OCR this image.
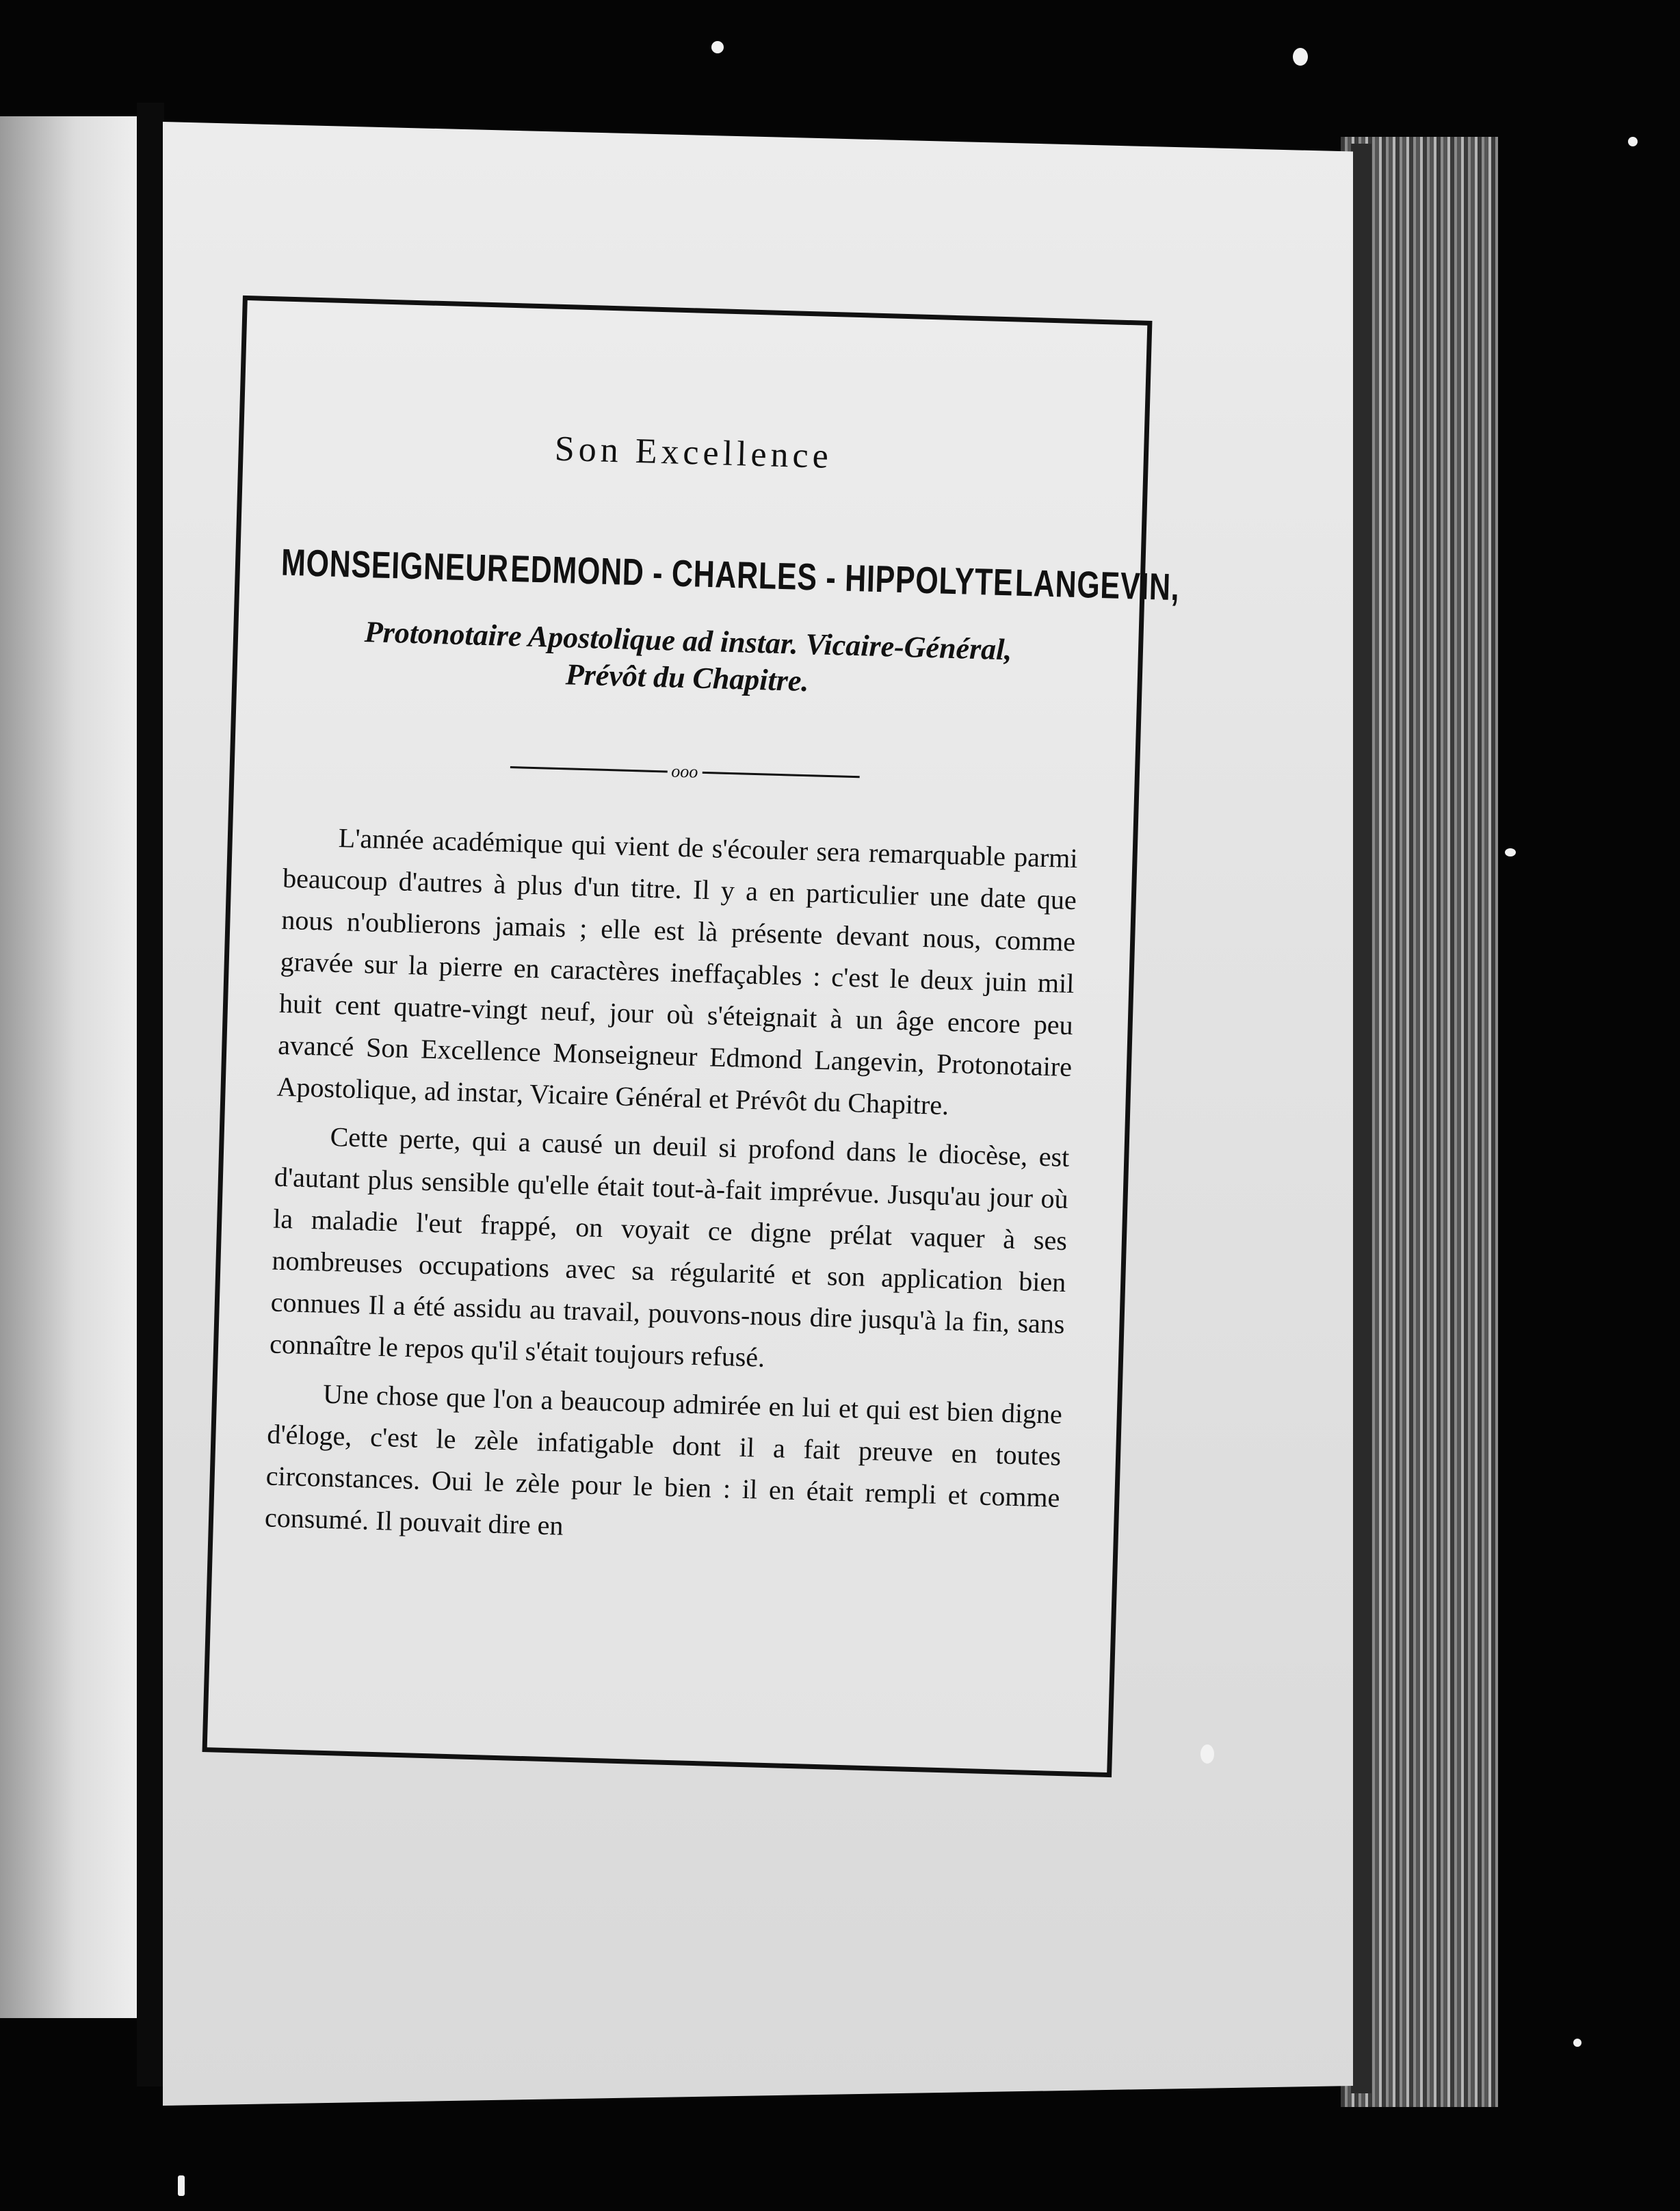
Son Excellence
MONSEIGNEUR EDMOND - CHARLES - HIPPOLYTE LANGEVIN,
Protonotaire Apostolique ad instar. Vicaire-Général,
Prévôt du Chapitre.
ooo

L'année académique qui vient de s'écouler sera remarquable parmi beaucoup d'autres à plus d'un titre. Il y a en particulier une date que nous n'oublierons jamais ; elle est là présente devant nous, comme gravée sur la pierre en caractères ineffaçables : c'est le deux juin mil huit cent quatre-vingt neuf, jour où s'éteignait à un âge encore peu avancé Son Excellence Monseigneur Edmond Langevin, Protonotaire Apostolique, ad instar, Vicaire Général et Prévôt du Chapitre.

Cette perte, qui a causé un deuil si profond dans le diocèse, est d'autant plus sensible qu'elle était tout-à-fait imprévue. Jusqu'au jour où la maladie l'eut frappé, on voyait ce digne prélat vaquer à ses nombreuses occupations avec sa régularité et son application bien connues Il a été assidu au travail, pouvons-nous dire jusqu'à la fin, sans connaître le repos qu'il s'était toujours refusé.

Une chose que l'on a beaucoup admirée en lui et qui est bien digne d'éloge, c'est le zèle infatigable dont il a fait preuve en toutes circonstances. Oui le zèle pour le bien : il en était rempli et comme consumé. Il pouvait dire en
